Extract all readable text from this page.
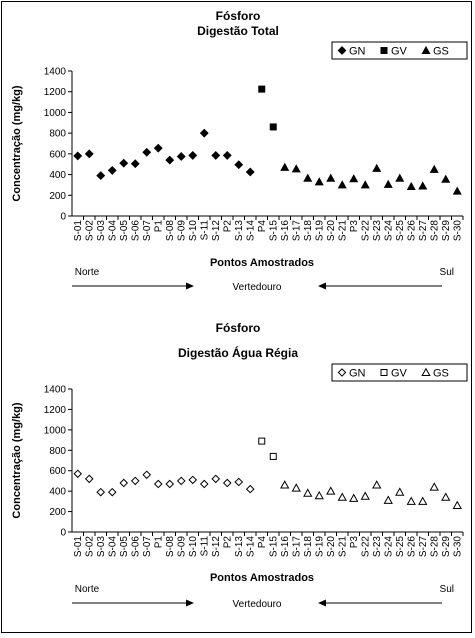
Fósforo
Digestão Total
GN GV GS
0
200
400
600
800
1000
1200
1400
Concentração (mg/kg)
S-01 S-02 S-03 S-04 S-05 S-06 S-07 P1 S-08 S-09 S-10 S-11 S-12 P2 S-13 S-14 P4 S-15 S-16 S-17 S-18 S-19 S-20 S-21 P3 S-22 S-23 S-24 S-25 S-26 S-27 S-28 S-29 S-30
Pontos Amostrados
Norte	Sul
Vertedouro
Fósforo
Digestão Água Régia
GN GV GS
0
200
400
600
800
1000
1200
1400
Concentração (mg/kg)
S-01 S-02 S-03 S-04 S-05 S-06 S-07 P1 S-08 S-09 S-10 S-11 S-12 P2 S-13 S-14 P4 S-15 S-16 S-17 S-18 S-19 S-20 S-21 P3 S-22 S-23 S-24 S-25 S-26 S-27 S-28 S-29 S-30
Pontos Amostrados
Norte	Sul
Vertedouro
